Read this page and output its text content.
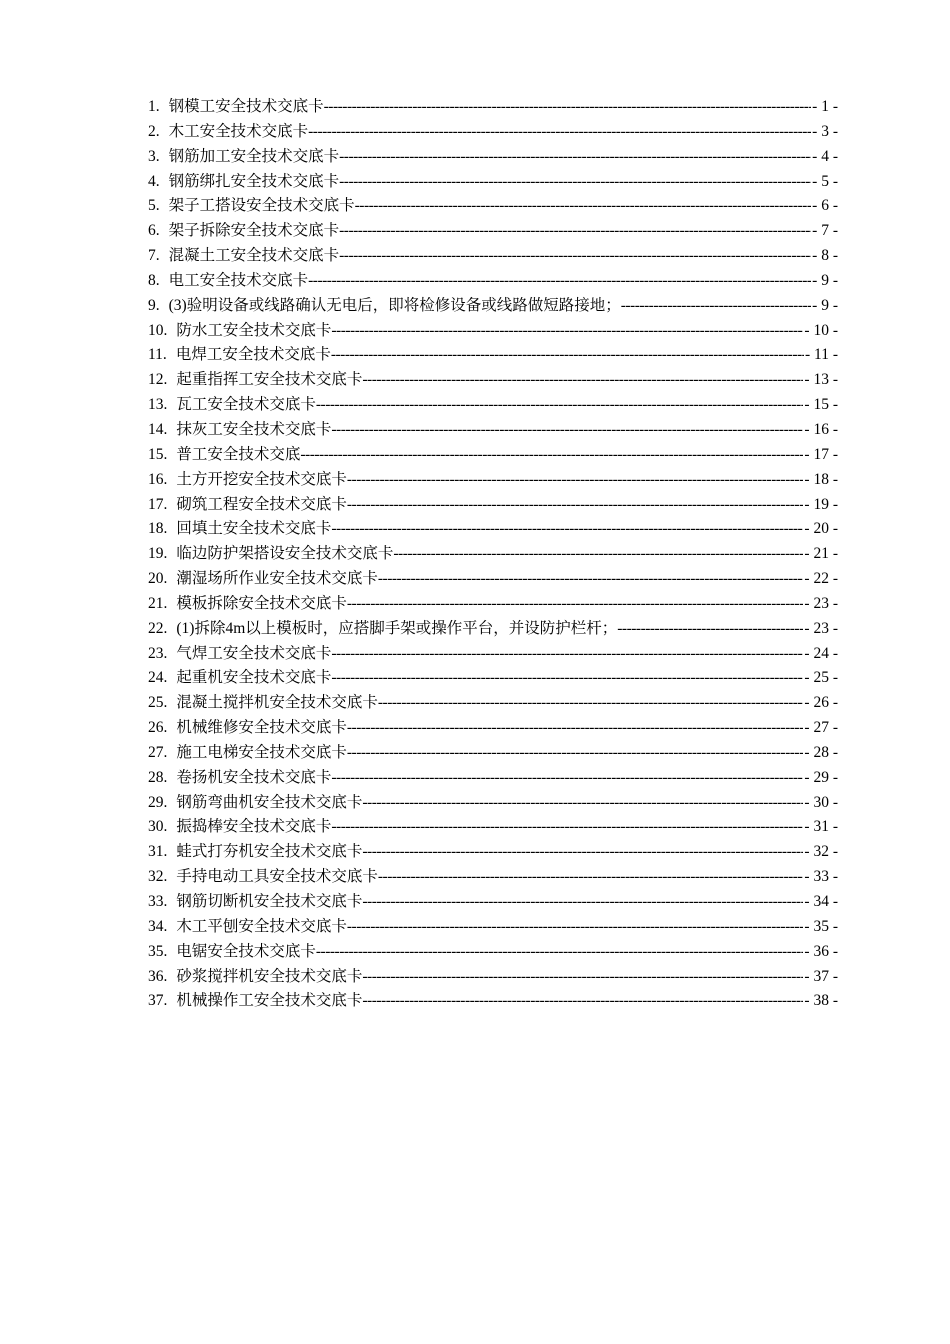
1. 钢模工安全技术交底卡 -----	- 1 -
2. 木工安全技术交底卡 -----	- 3 -
3. 钢筋加工安全技术交底卡 -----	- 4 -
4. 钢筋绑扎安全技术交底卡 -----	- 5 -
5. 架子工搭设安全技术交底卡 -----	- 6 -
6. 架子拆除安全技术交底卡 -----	- 7 -
7. 混凝土工安全技术交底卡 -----	- 8 -
8. 电工安全技术交底卡 -----	- 9 -
9. (3)验明设备或线路确认无电后，即将检修设备或线路做短路接地； -----	- 9 -
10. 防水工安全技术交底卡 -----	- 10 -
11. 电焊工安全技术交底卡 -----	- 11 -
12. 起重指挥工安全技术交底卡 -----	- 13 -
13. 瓦工安全技术交底卡 -----	- 15 -
14. 抹灰工安全技术交底卡 -----	- 16 -
15. 普工安全技术交底 -----	- 17 -
16. 土方开挖安全技术交底卡 -----	- 18 -
17. 砌筑工程安全技术交底卡 -----	- 19 -
18. 回填土安全技术交底卡 -----	- 20 -
19. 临边防护架搭设安全技术交底卡 -----	- 21 -
20. 潮湿场所作业安全技术交底卡 -----	- 22 -
21. 模板拆除安全技术交底卡 -----	- 23 -
22. (1)拆除4m以上模板时，应搭脚手架或操作平台，并设防护栏杆； -----	- 23 -
23. 气焊工安全技术交底卡 -----	- 24 -
24. 起重机安全技术交底卡 -----	- 25 -
25. 混凝土搅拌机安全技术交底卡 -----	- 26 -
26. 机械维修安全技术交底卡 -----	- 27 -
27. 施工电梯安全技术交底卡 -----	- 28 -
28. 卷扬机安全技术交底卡 -----	- 29 -
29. 钢筋弯曲机安全技术交底卡 -----	- 30 -
30. 振捣棒安全技术交底卡 -----	- 31 -
31. 蛙式打夯机安全技术交底卡 -----	- 32 -
32. 手持电动工具安全技术交底卡 -----	- 33 -
33. 钢筋切断机安全技术交底卡 -----	- 34 -
34. 木工平刨安全技术交底卡 -----	- 35 -
35. 电锯安全技术交底卡 -----	- 36 -
36. 砂浆搅拌机安全技术交底卡 -----	- 37 -
37. 机械操作工安全技术交底卡 -----	- 38 -
